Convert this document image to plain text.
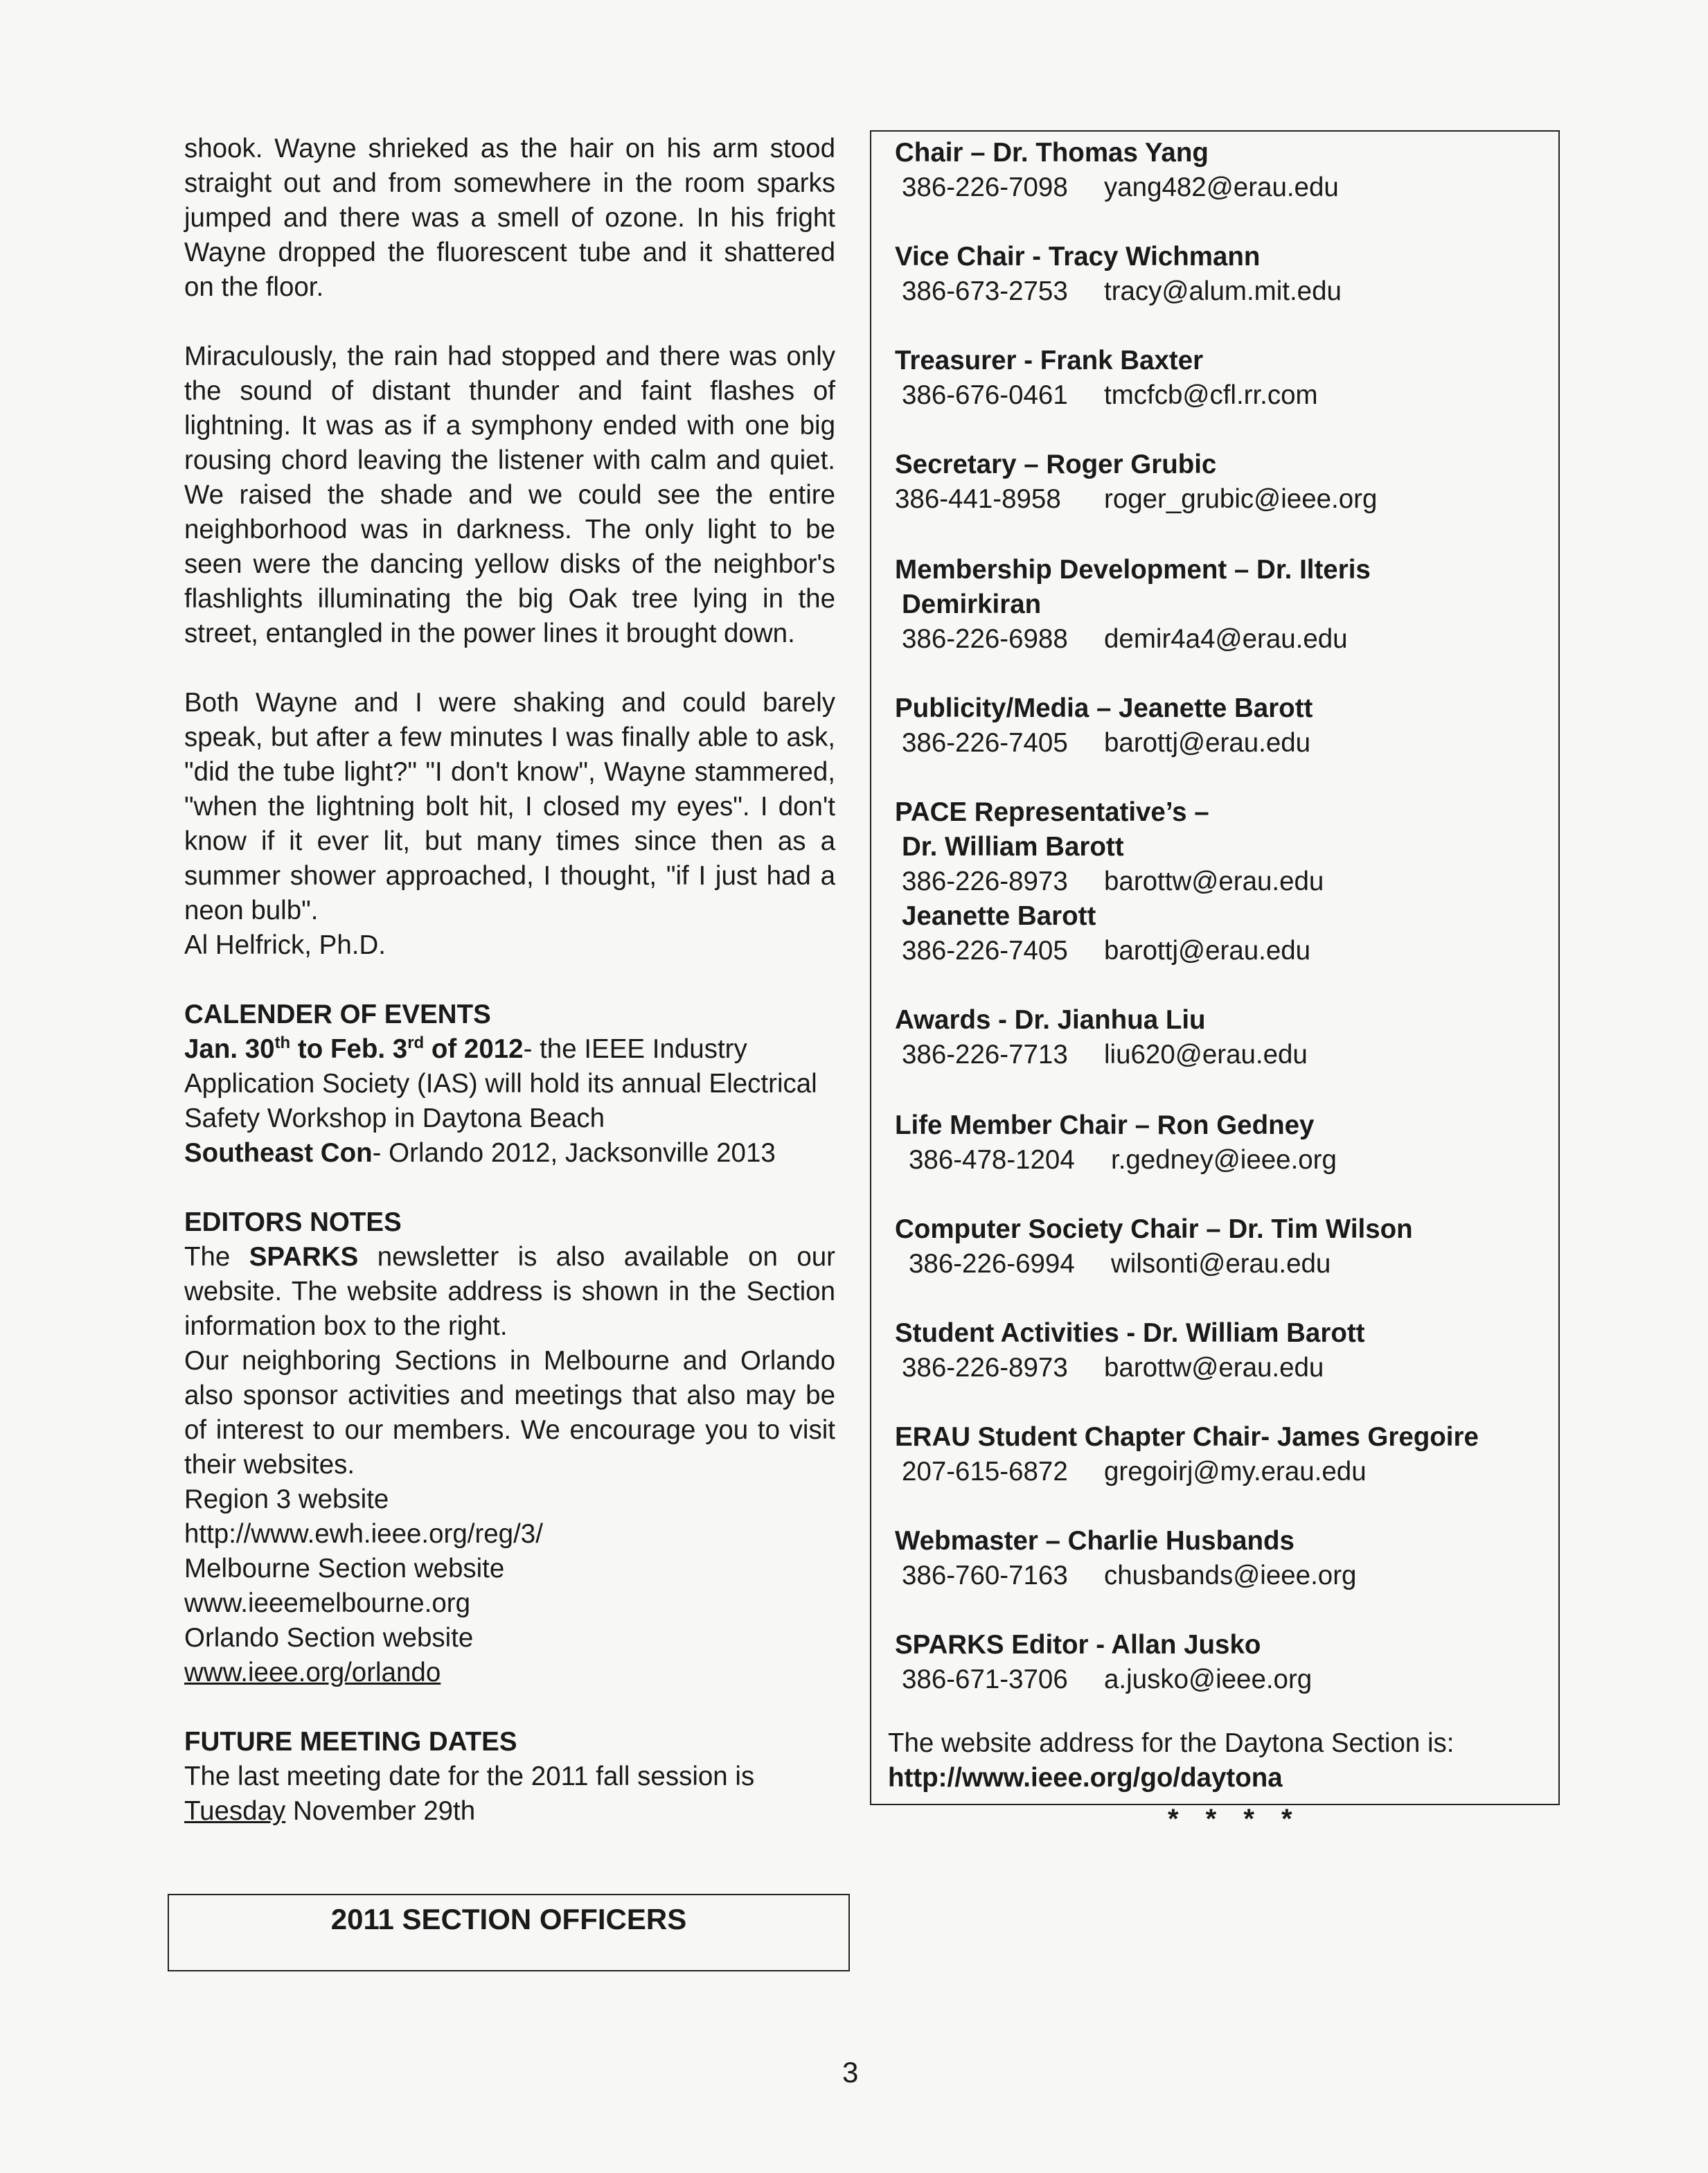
shook. Wayne shrieked as the hair on his arm stood straight out and from somewhere in the room sparks jumped and there was a smell of ozone. In his fright Wayne dropped the fluorescent tube and it shattered on the floor.

Miraculously, the rain had stopped and there was only the sound of distant thunder and faint flashes of lightning. It was as if a symphony ended with one big rousing chord leaving the listener with calm and quiet. We raised the shade and we could see the entire neighborhood was in darkness. The only light to be seen were the dancing yellow disks of the neighbor's flashlights illuminating the big Oak tree lying in the street, entangled in the power lines it brought down.

Both Wayne and I were shaking and could barely speak, but after a few minutes I was finally able to ask, "did the tube light?" "I don't know", Wayne stammered, "when the lightning bolt hit, I closed my eyes". I don't know if it ever lit, but many times since then as a summer shower approached, I thought, "if I just had a neon bulb".

Al Helfrick, Ph.D.

CALENDER OF EVENTS

Jan. 30th to Feb. 3rd of 2012- the IEEE Industry Application Society (IAS) will hold its annual Electrical Safety Workshop in Daytona Beach

Southeast Con- Orlando 2012, Jacksonville 2013

EDITORS NOTES

The SPARKS newsletter is also available on our website. The website address is shown in the Section information box to the right.

Our neighboring Sections in Melbourne and Orlando also sponsor activities and meetings that also may be of interest to our members. We encourage you to visit their websites.

Region 3 website

http://www.ewh.ieee.org/reg/3/

Melbourne Section website

www.ieeemelbourne.org

Orlando Section website

www.ieee.org/orlando

FUTURE MEETING DATES

The last meeting date for the 2011 fall session is

Tuesday November 29th

2011 SECTION OFFICERS
Chair – Dr. Thomas Yang
386-226-7098 yang482@erau.edu
Vice Chair - Tracy Wichmann
386-673-2753 tracy@alum.mit.edu
Treasurer - Frank Baxter
386-676-0461 tmcfcb@cfl.rr.com
Secretary – Roger Grubic
386-441-8958 roger_grubic@ieee.org
Membership Development – Dr. Ilteris
Demirkiran
386-226-6988 demir4a4@erau.edu
Publicity/Media – Jeanette Barott
386-226-7405 barottj@erau.edu
PACE Representative’s –
Dr. William Barott
386-226-8973 barottw@erau.edu
Jeanette Barott
386-226-7405 barottj@erau.edu
Awards - Dr. Jianhua Liu
386-226-7713 liu620@erau.edu
Life Member Chair – Ron Gedney
386-478-1204 r.gedney@ieee.org
Computer Society Chair – Dr. Tim Wilson
386-226-6994 wilsonti@erau.edu
Student Activities - Dr. William Barott
386-226-8973 barottw@erau.edu
ERAU Student Chapter Chair- James Gregoire
207-615-6872 gregoirj@my.erau.edu
Webmaster – Charlie Husbands
386-760-7163 chusbands@ieee.org
SPARKS Editor - Allan Jusko
386-671-3706 a.jusko@ieee.org
The website address for the Daytona Section is:
http://www.ieee.org/go/daytona
* * * *
3
